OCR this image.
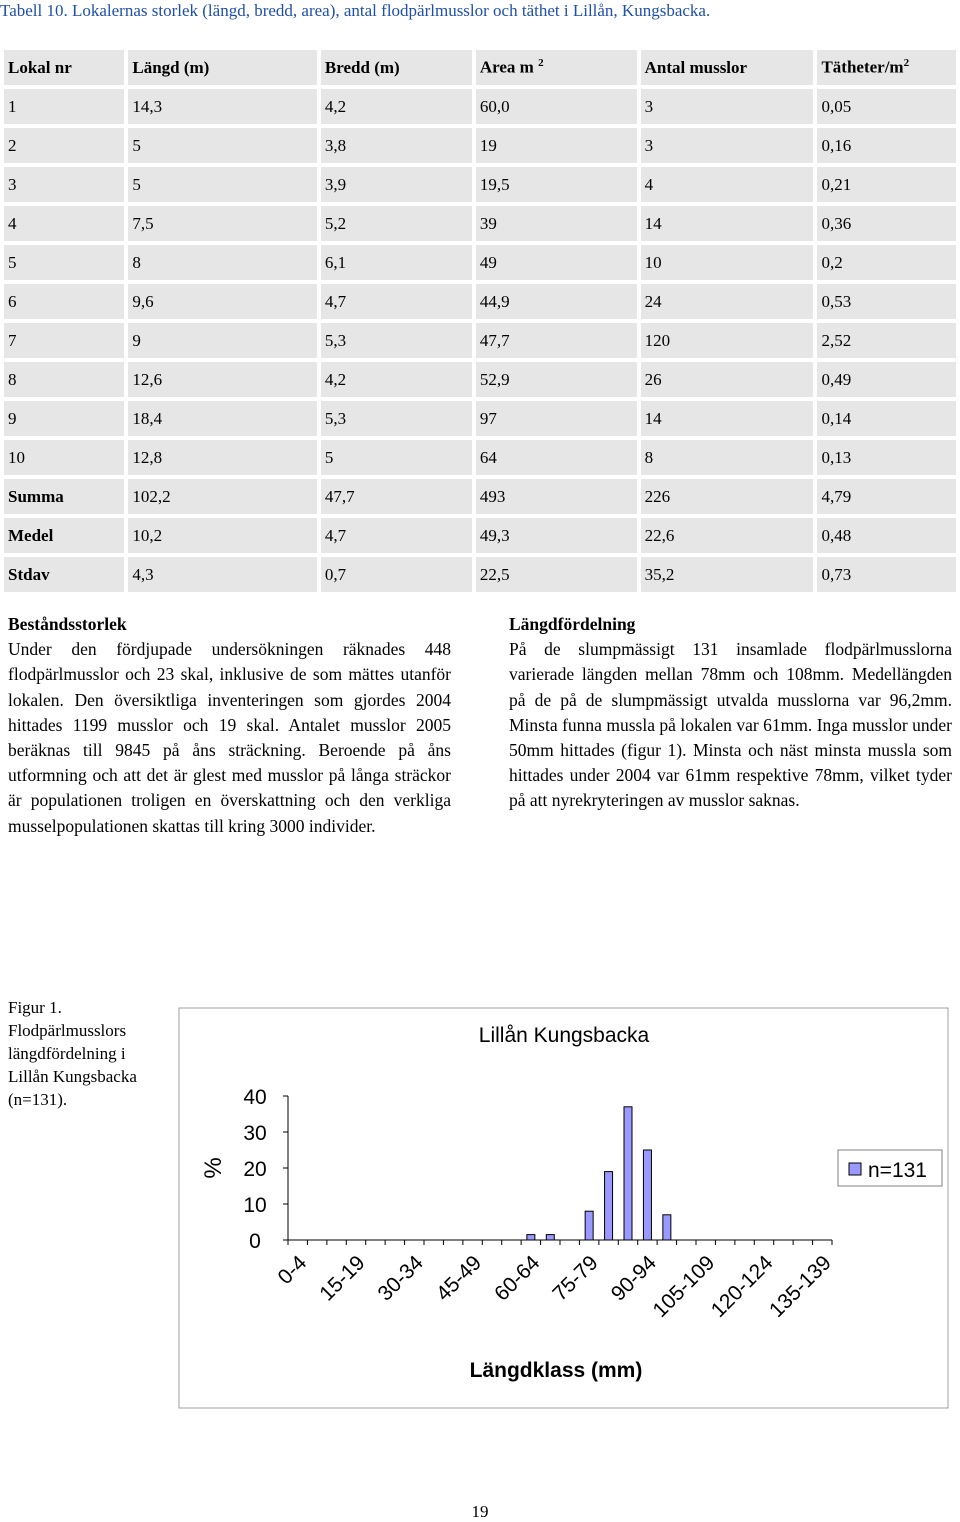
Tabell 10. Lokalernas storlek (längd, bredd, area), antal flodpärlmusslor och täthet i Lillån, Kungsbacka.
Lokal nr	Längd (m)	Bredd (m)	Area m $^2$	Antal musslor	Tätheter/$m^2$
1	14,3	4,2	60,0	3	0,05
2	5	3,8	19	3	0,16
3	5	3,9	19,5	4	0,21
4	7,5	5,2	39	14	0,36
5	8	6,1	49	10	0,2
6	9,6	4,7	44,9	24	0,53
7	9	5,3	47,7	120	2,52
8	12,6	4,2	52,9	26	0,49
9	18,4	5,3	97	14	0,14
10	12,8	5	64	8	0,13
Summa	102,2	47,7	493	226	4,79
Medel	10,2	4,7	49,3	22,6	0,48
Stdav	4,3	0,7	22,5	35,2	0,73
Beståndsstorlek

Under den fördjupade undersökningen räknades 448 flodpärlmusslor och 23 skal, inklusive de som mättes utanför lokalen. Den översiktliga inventeringen som gjordes 2004 hittades 1199 musslor och 19 skal. Antalet musslor 2005 beräknas till 9845 på åns sträckning. Beroende på åns utformning och att det är glest med musslor på långa sträckor är populationen troligen en överskattning och den verkliga musselpopulationen skattas till kring 3000 individer.

Längdfördelning

På de slumpmässigt 131 insamlade flodpärlmusslorna varierade längden mellan 78mm och 108mm. Medellängden på de på de slumpmässigt utvalda musslorna var 96,2mm. Minsta funna mussla på lokalen var 61mm. Inga musslor under 50mm hittades (figur 1). Minsta och näst minsta mussla som hittades under 2004 var 61mm respektive 78mm, vilket tyder på att nyrekryteringen av musslor saknas.

Figur 1. Flodpärlmusslors längdfördelning i Lillån Kungsbacka (n=131).
Lillån Kungsbacka
0
10
20
30
40
%
0-4 15-19 30-34 45-49 60-64 75-79 90-94
105-109
120-124
135-139
Längdklass (mm)
n=131
19
